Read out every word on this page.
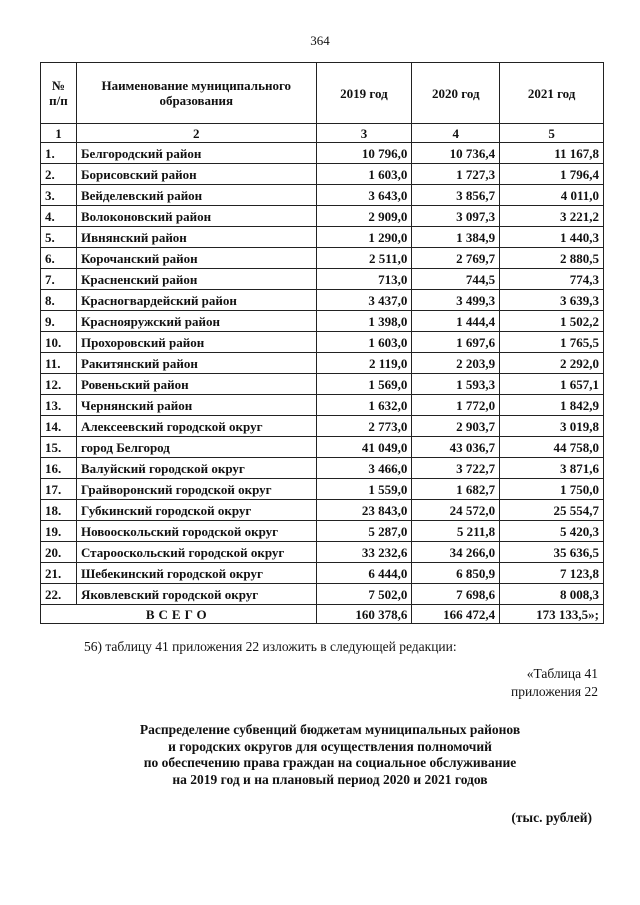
364
№ п/п	Наименование муниципального образования	2019 год	2020 год	2021 год
1	2	3	4	5
1.	Белгородский район	10 796,0	10 736,4	11 167,8
2.	Борисовский район	1 603,0	1 727,3	1 796,4
3.	Вейделевский район	3 643,0	3 856,7	4 011,0
4.	Волоконовский район	2 909,0	3 097,3	3 221,2
5.	Ивнянский район	1 290,0	1 384,9	1 440,3
6.	Корочанский район	2 511,0	2 769,7	2 880,5
7.	Красненский район	713,0	744,5	774,3
8.	Красногвардейский район	3 437,0	3 499,3	3 639,3
9.	Краснояружский район	1 398,0	1 444,4	1 502,2
10.	Прохоровский район	1 603,0	1 697,6	1 765,5
11.	Ракитянский район	2 119,0	2 203,9	2 292,0
12.	Ровеньский район	1 569,0	1 593,3	1 657,1
13.	Чернянский район	1 632,0	1 772,0	1 842,9
14.	Алексеевский городской округ	2 773,0	2 903,7	3 019,8
15.	город Белгород	41 049,0	43 036,7	44 758,0
16.	Валуйский городской округ	3 466,0	3 722,7	3 871,6
17.	Грайворонский городской округ	1 559,0	1 682,7	1 750,0
18.	Губкинский городской округ	23 843,0	24 572,0	25 554,7
19.	Новооскольский городской округ	5 287,0	5 211,8	5 420,3
20.	Старооскольский городской округ	33 232,6	34 266,0	35 636,5
21.	Шебекинский городской округ	6 444,0	6 850,9	7 123,8
22.	Яковлевский городской округ	7 502,0	7 698,6	8 008,3
ВСЕГО		160 378,6	166 472,4	173 133,5»;
56) таблицу 41 приложения 22 изложить в следующей редакции:
«Таблица 41
приложения 22
Распределение субвенций бюджетам муниципальных районов
и городских округов для осуществления полномочий
по обеспечению права граждан на социальное обслуживание
на 2019 год и на плановый период 2020 и 2021 годов
(тыс. рублей)
